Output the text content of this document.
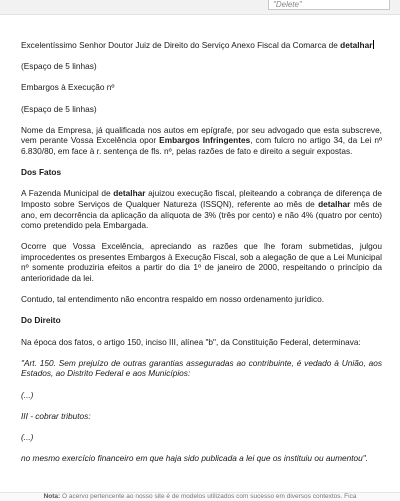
"Delete"

Excelentíssimo Senhor Doutor Juiz de Direito do Serviço Anexo Fiscal da Comarca de detalhar

(Espaço de 5 linhas)

Embargos à Execução nº

(Espaço de 5 linhas)

Nome da Empresa, já qualificada nos autos em epígrafe, por seu advogado que esta subscreve, vem perante Vossa Excelência opor Embargos Infringentes, com fulcro no artigo 34, da Lei nº 6.830/80, em face à r. sentença de fls. nº, pelas razões de fato e direito a seguir expostas.

Dos Fatos

A Fazenda Municipal de detalhar ajuizou execução fiscal, pleiteando a cobrança de diferença de Imposto sobre Serviços de Qualquer Natureza (ISSQN), referente ao mês de detalhar mês de ano, em decorrência da aplicação da alíquota de 3% (três por cento) e não 4% (quatro por cento) como pretendido pela Embargada.

Ocorre que Vossa Excelência, apreciando as razões que lhe foram submetidas, julgou improcedentes os presentes Embargos à Execução Fiscal, sob a alegação de que a Lei Municipal nº somente produziria efeitos a partir do dia 1º de janeiro de 2000, respeitando o princípio da anterioridade da lei.

Contudo, tal entendimento não encontra respaldo em nosso ordenamento jurídico.

Do Direito

Na época dos fatos, o artigo 150, inciso III, alínea "b", da Constituição Federal, determinava:

"Art. 150. Sem prejuízo de outras garantias asseguradas ao contribuinte, é vedado à União, aos Estados, ao Distrito Federal e aos Municípios:

(...)

III - cobrar tributos:

(...)

no mesmo exercício financeiro em que haja sido publicada a lei que os instituiu ou aumentou".

Nota: O acervo pertencente ao nosso site é de modelos utilizados com sucesso em diversos contextos. Fica
